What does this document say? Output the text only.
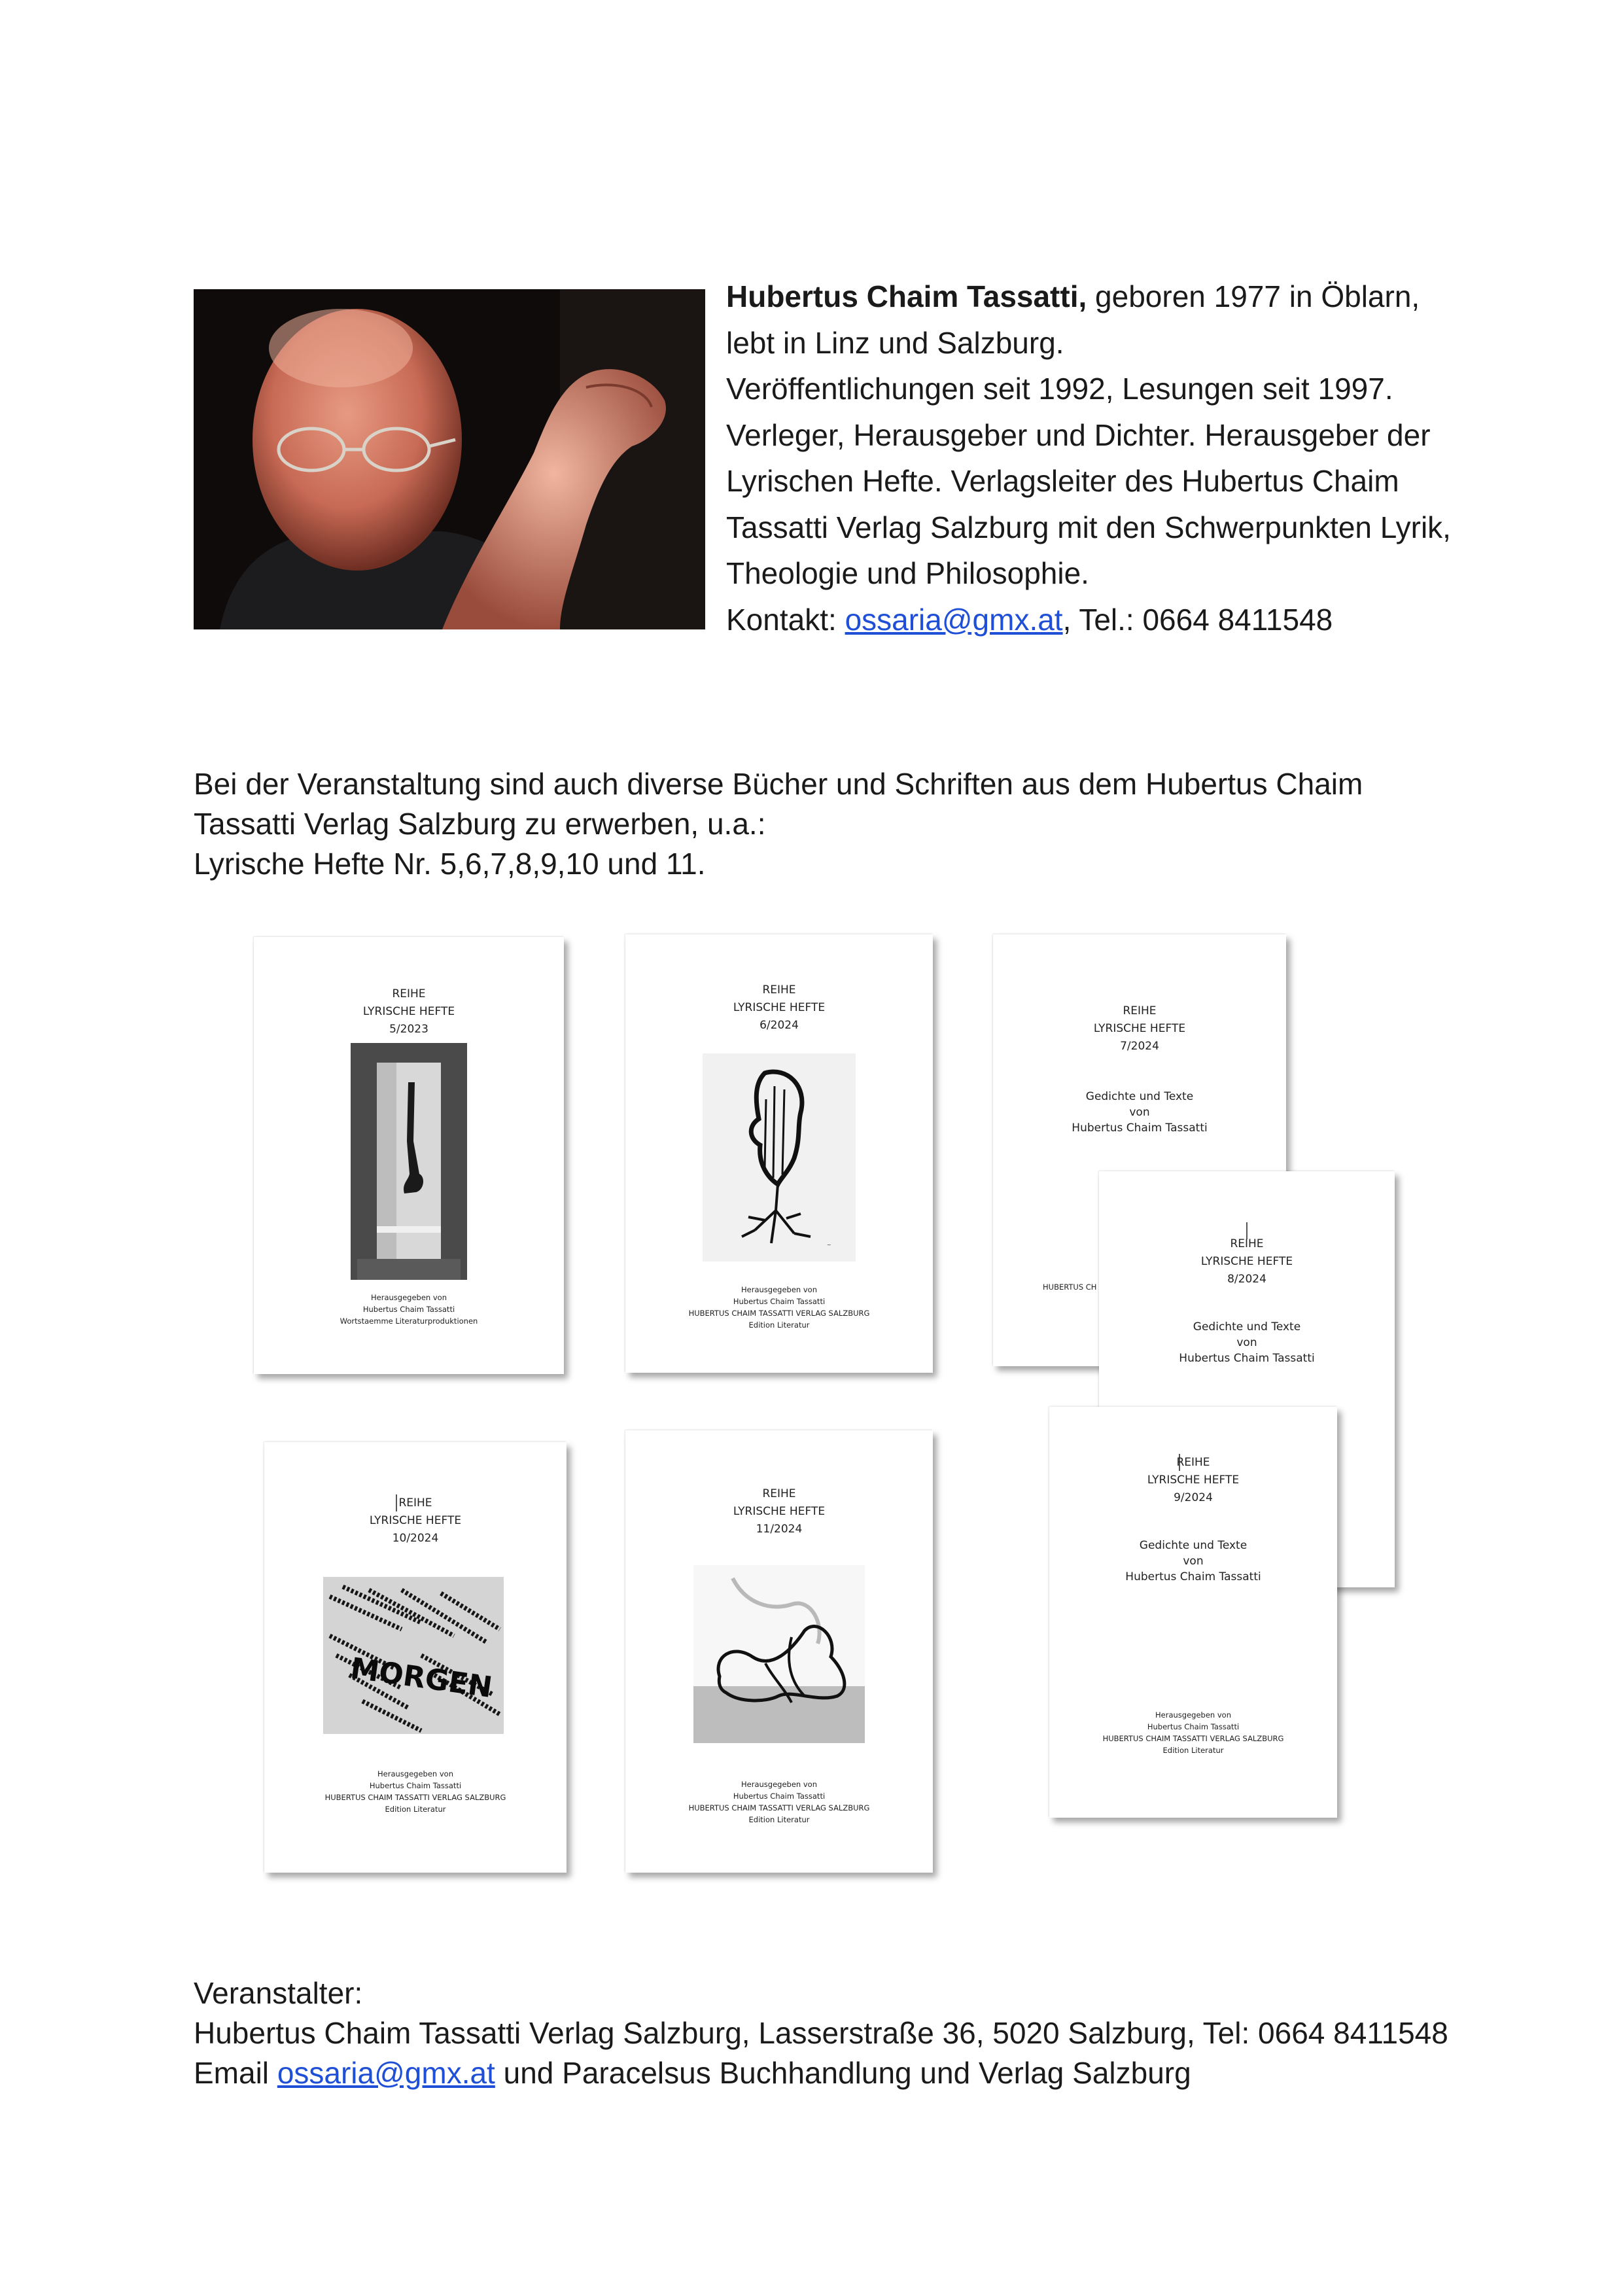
Hubertus Chaim Tassatti, geboren 1977 in Öblarn,

lebt in Linz und Salzburg.

Veröffentlichungen seit 1992, Lesungen seit 1997.

Verleger, Herausgeber und Dichter. Herausgeber der

Lyrischen Hefte. Verlagsleiter des Hubertus Chaim

Tassatti Verlag Salzburg mit den Schwerpunkten Lyrik,

Theologie und Philosophie.

Kontakt: ossaria@gmx.at, Tel.: 0664 8411548

Bei der Veranstaltung sind auch diverse Bücher und Schriften aus dem Hubertus Chaim

Tassatti Verlag Salzburg zu erwerben, u.a.:

Lyrische Hefte Nr. 5,6,7,8,9,10 und 11.

REIHE
LYRISCHE HEFTE
5/2023
Herausgegeben von
Hubertus Chaim Tassatti
Wortstaemme Literaturproduktionen
REIHE
LYRISCHE HEFTE
6/2024
~
Herausgegeben von
Hubertus Chaim Tassatti
HUBERTUS CHAIM TASSATTI VERLAG SALZBURG
Edition Literatur
REIHE
LYRISCHE HEFTE
7/2024
Gedichte und Texte
von
Hubertus Chaim Tassatti
HUBERTUS CH
REIHE
LYRISCHE HEFTE
8/2024
Gedichte und Texte
von
Hubertus Chaim Tassatti
REIHE
LYRISCHE HEFTE
10/2024
MORGEN
Herausgegeben von
Hubertus Chaim Tassatti
HUBERTUS CHAIM TASSATTI VERLAG SALZBURG
Edition Literatur
REIHE
LYRISCHE HEFTE
11/2024
Herausgegeben von
Hubertus Chaim Tassatti
HUBERTUS CHAIM TASSATTI VERLAG SALZBURG
Edition Literatur
REIHE
LYRISCHE HEFTE
9/2024
Gedichte und Texte
von
Hubertus Chaim Tassatti
Herausgegeben von
Hubertus Chaim Tassatti
HUBERTUS CHAIM TASSATTI VERLAG SALZBURG
Edition Literatur

Veranstalter:

Hubertus Chaim Tassatti Verlag Salzburg, Lasserstraße 36, 5020 Salzburg, Tel: 0664 8411548

Email ossaria@gmx.at und Paracelsus Buchhandlung und Verlag Salzburg
